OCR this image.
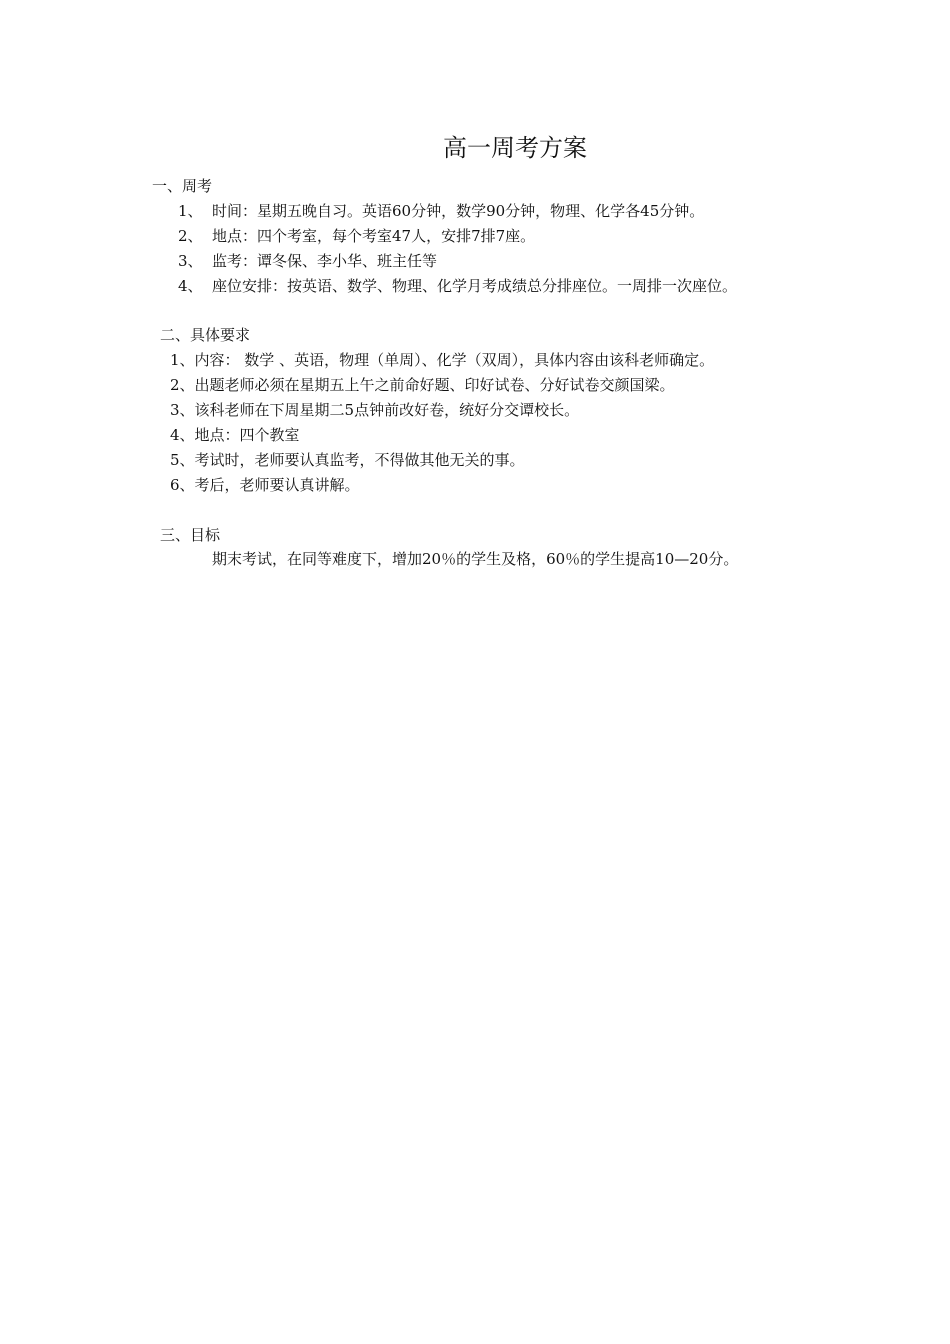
高一周考方案
一、周考
1、 时间：星期五晚自习。英语60分钟，数学90分钟，物理、化学各45分钟。
2、 地点：四个考室，每个考室47人，安排7排7座。
3、 监考：谭冬保、李小华、班主任等
4、 座位安排：按英语、数学、物理、化学月考成绩总分排座位。一周排一次座位。
二、具体要求
1、内容： 数学 、英语，物理（单周）、化学（双周），具体内容由该科老师确定。
2、出题老师必须在星期五上午之前命好题、印好试卷、分好试卷交颜国梁。
3、该科老师在下周星期二5点钟前改好卷，统好分交谭校长。
4、地点：四个教室
5、考试时，老师要认真监考，不得做其他无关的事。
6、考后，老师要认真讲解。
三、目标
期末考试，在同等难度下，增加20％的学生及格，60％的学生提高10—20分。
